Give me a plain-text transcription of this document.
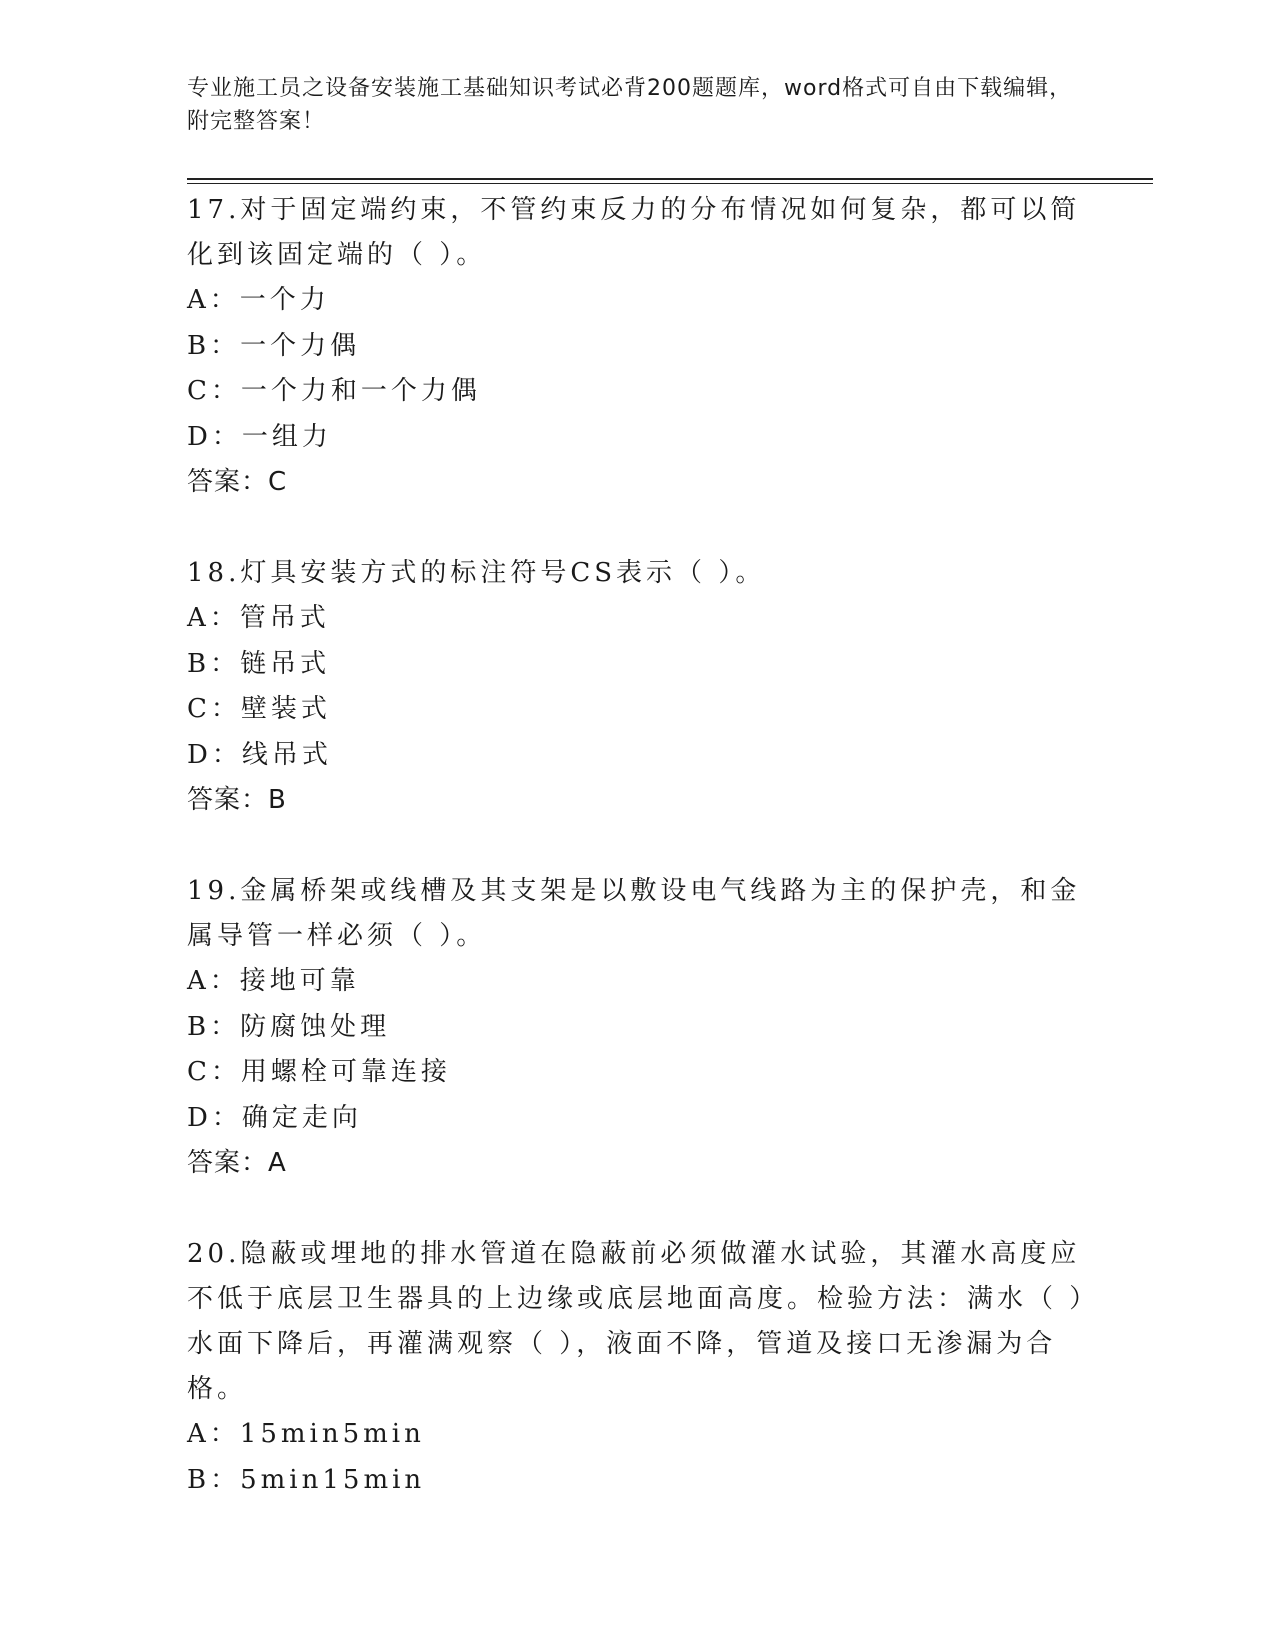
专业施工员之设备安装施工基础知识考试必背200题题库，word格式可自由下载编辑，附完整答案！

17.对于固定端约束，不管约束反力的分布情况如何复杂，都可以简化到该固定端的（ ）。

A：一个力

B：一个力偶

C：一个力和一个力偶

D：一组力

答案：C

18.灯具安装方式的标注符号CS表示（ ）。

A：管吊式

B：链吊式

C：壁装式

D：线吊式

答案：B

19.金属桥架或线槽及其支架是以敷设电气线路为主的保护壳，和金属导管一样必须（ ）。

A：接地可靠

B：防腐蚀处理

C：用螺栓可靠连接

D：确定走向

答案：A

20.隐蔽或埋地的排水管道在隐蔽前必须做灌水试验，其灌水高度应不低于底层卫生器具的上边缘或底层地面高度。检验方法：满水（ ）水面下降后，再灌满观察（ ），液面不降，管道及接口无渗漏为合格。

A：15min5min

B：5min15min
